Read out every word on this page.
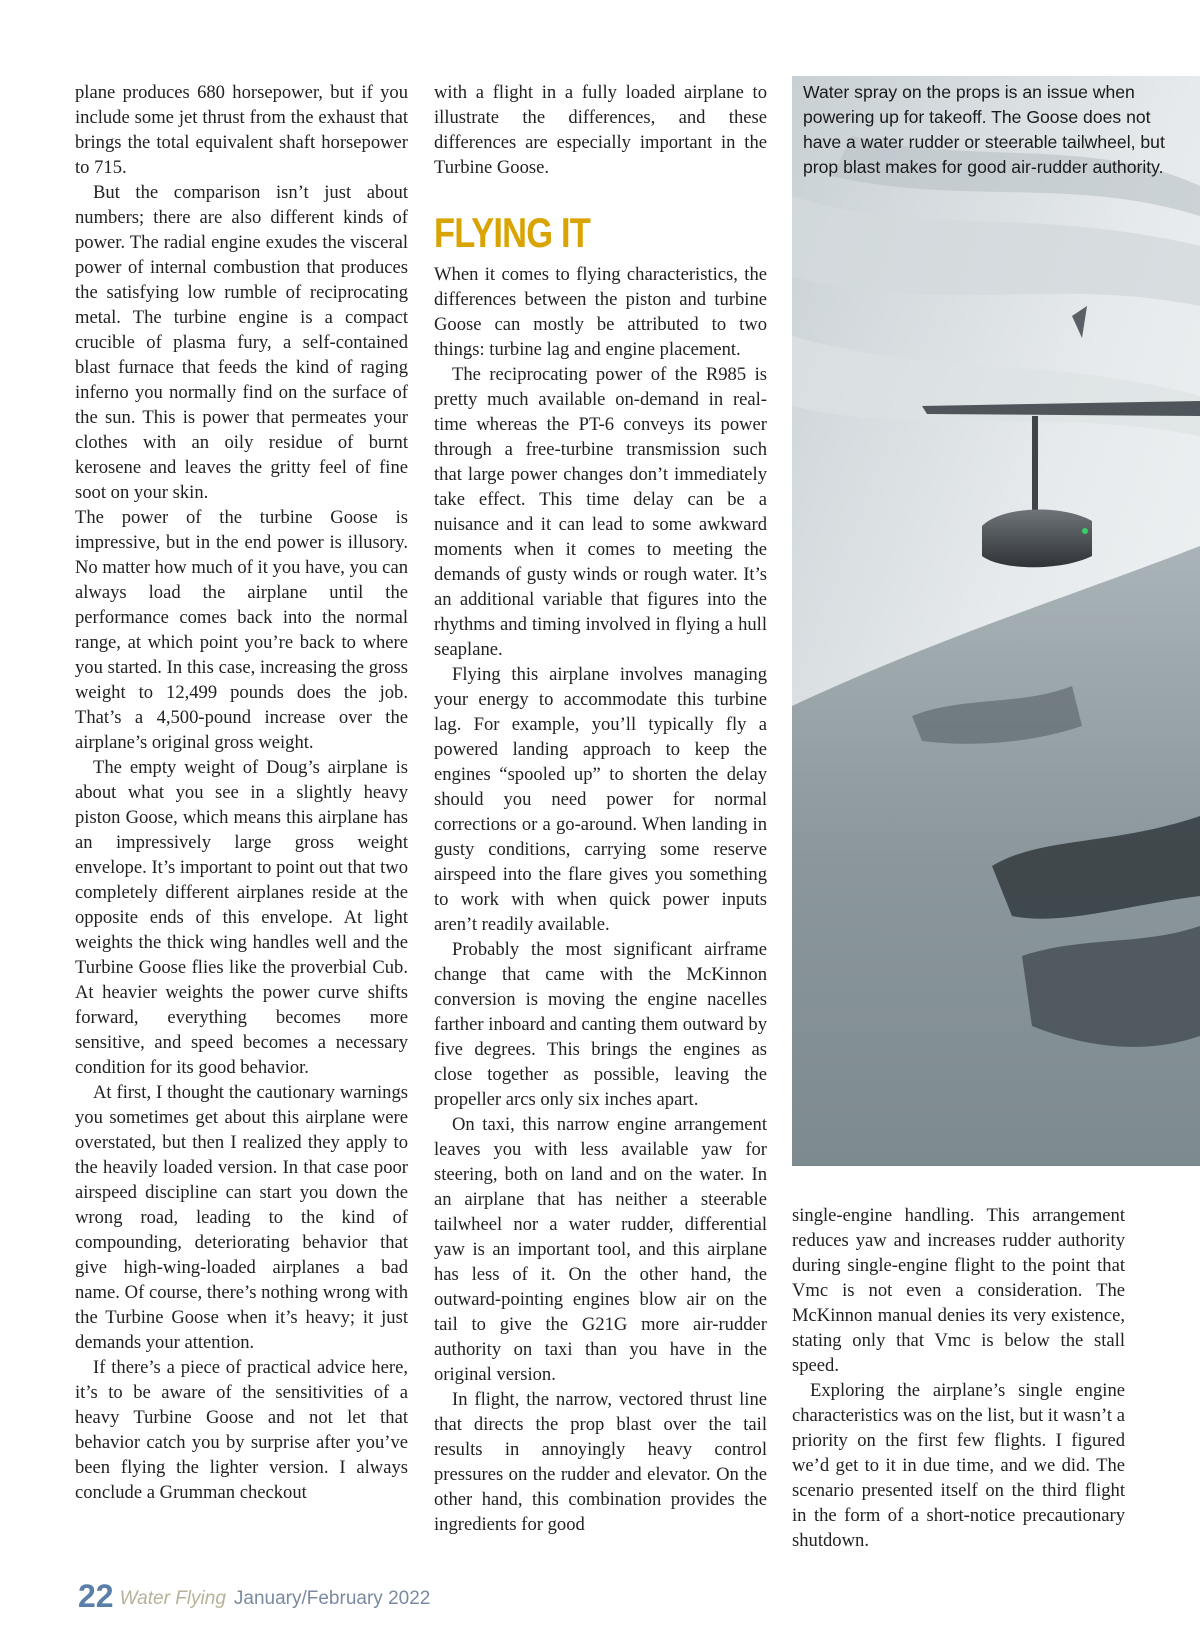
plane produces 680 horsepower, but if you include some jet thrust from the exhaust that brings the total equivalent shaft horsepower to 715.

But the comparison isn’t just about numbers; there are also different kinds of power. The radial engine exudes the visceral power of internal combustion that produces the satisfying low rumble of reciprocating metal. The turbine engine is a compact crucible of plasma fury, a self-contained blast furnace that feeds the kind of raging inferno you normally find on the surface of the sun. This is power that permeates your clothes with an oily residue of burnt kerosene and leaves the gritty feel of fine soot on your skin.

The power of the turbine Goose is impressive, but in the end power is illusory. No matter how much of it you have, you can always load the airplane until the performance comes back into the normal range, at which point you’re back to where you started. In this case, increasing the gross weight to 12,499 pounds does the job. That’s a 4,500-pound increase over the airplane’s original gross weight.

The empty weight of Doug’s airplane is about what you see in a slightly heavy piston Goose, which means this airplane has an impressively large gross weight envelope. It’s important to point out that two completely different airplanes reside at the opposite ends of this envelope. At light weights the thick wing handles well and the Turbine Goose flies like the proverbial Cub. At heavier weights the power curve shifts forward, everything becomes more sensitive, and speed becomes a necessary condition for its good behavior.

At first, I thought the cautionary warnings you sometimes get about this airplane were overstated, but then I realized they apply to the heavily loaded version. In that case poor airspeed discipline can start you down the wrong road, leading to the kind of compounding, deteriorating behavior that give high-wing-loaded airplanes a bad name. Of course, there’s nothing wrong with the Turbine Goose when it’s heavy; it just demands your attention.

If there’s a piece of practical advice here, it’s to be aware of the sensitivities of a heavy Turbine Goose and not let that behavior catch you by surprise after you’ve been flying the lighter version. I always conclude a Grumman checkout

with a flight in a fully loaded airplane to illustrate the differences, and these differences are especially important in the Turbine Goose.

FLYING IT

When it comes to flying characteristics, the differences between the piston and turbine Goose can mostly be attributed to two things: turbine lag and engine placement.

The reciprocating power of the R985 is pretty much available on-demand in real-time whereas the PT-6 conveys its power through a free-turbine transmission such that large power changes don’t immediately take effect. This time delay can be a nuisance and it can lead to some awkward moments when it comes to meeting the demands of gusty winds or rough water. It’s an additional variable that figures into the rhythms and timing involved in flying a hull seaplane.

Flying this airplane involves managing your energy to accommodate this turbine lag. For example, you’ll typically fly a powered landing approach to keep the engines “spooled up” to shorten the delay should you need power for normal corrections or a go-around. When landing in gusty conditions, carrying some reserve airspeed into the flare gives you something to work with when quick power inputs aren’t readily available.

Probably the most significant airframe change that came with the McKinnon conversion is moving the engine nacelles farther inboard and canting them outward by five degrees. This brings the engines as close together as possible, leaving the propeller arcs only six inches apart.

On taxi, this narrow engine arrangement leaves you with less available yaw for steering, both on land and on the water. In an airplane that has neither a steerable tailwheel nor a water rudder, differential yaw is an important tool, and this airplane has less of it. On the other hand, the outward-pointing engines blow air on the tail to give the G21G more air-rudder authority on taxi than you have in the original version.

In flight, the narrow, vectored thrust line that directs the prop blast over the tail results in annoyingly heavy control pressures on the rudder and elevator. On the other hand, this combination provides the ingredients for good

Water spray on the props is an issue when powering up for takeoff. The Goose does not have a water rudder or steerable tailwheel, but prop blast makes for good air-rudder authority.

single-engine handling. This arrangement reduces yaw and increases rudder authority during single-engine flight to the point that Vmc is not even a consideration. The McKinnon manual denies its very existence, stating only that Vmc is below the stall speed.

Exploring the airplane’s single engine characteristics was on the list, but it wasn’t a priority on the first few flights. I figured we’d get to it in due time, and we did. The scenario presented itself on the third flight in the form of a short-notice precautionary shutdown.

22 Water Flying January/February 2022
